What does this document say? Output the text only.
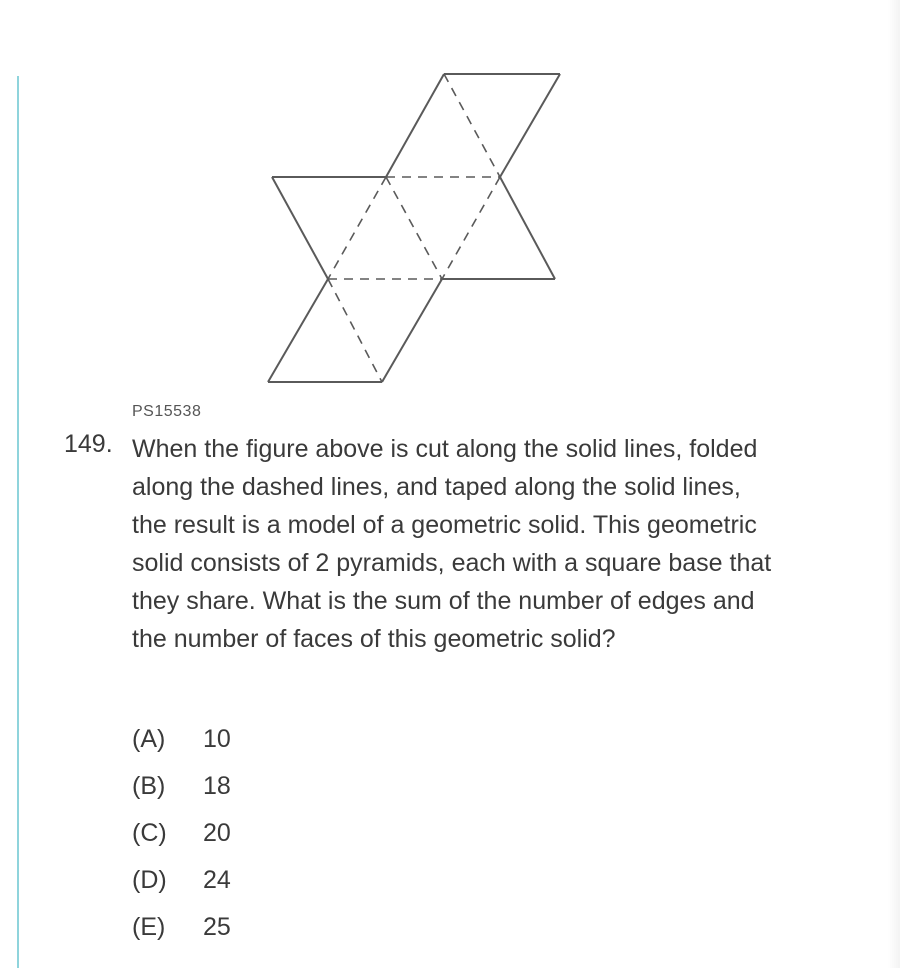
PS15538
149. When the figure above is cut along the solid lines, folded along the dashed lines, and taped along the solid lines, the result is a model of a geometric solid. This geometric solid consists of 2 pyramids, each with a square base that they share. What is the sum of the number of edges and the number of faces of this geometric solid?

(A)	10
(B)	18
(C)	20
(D)	24
(E)	25
